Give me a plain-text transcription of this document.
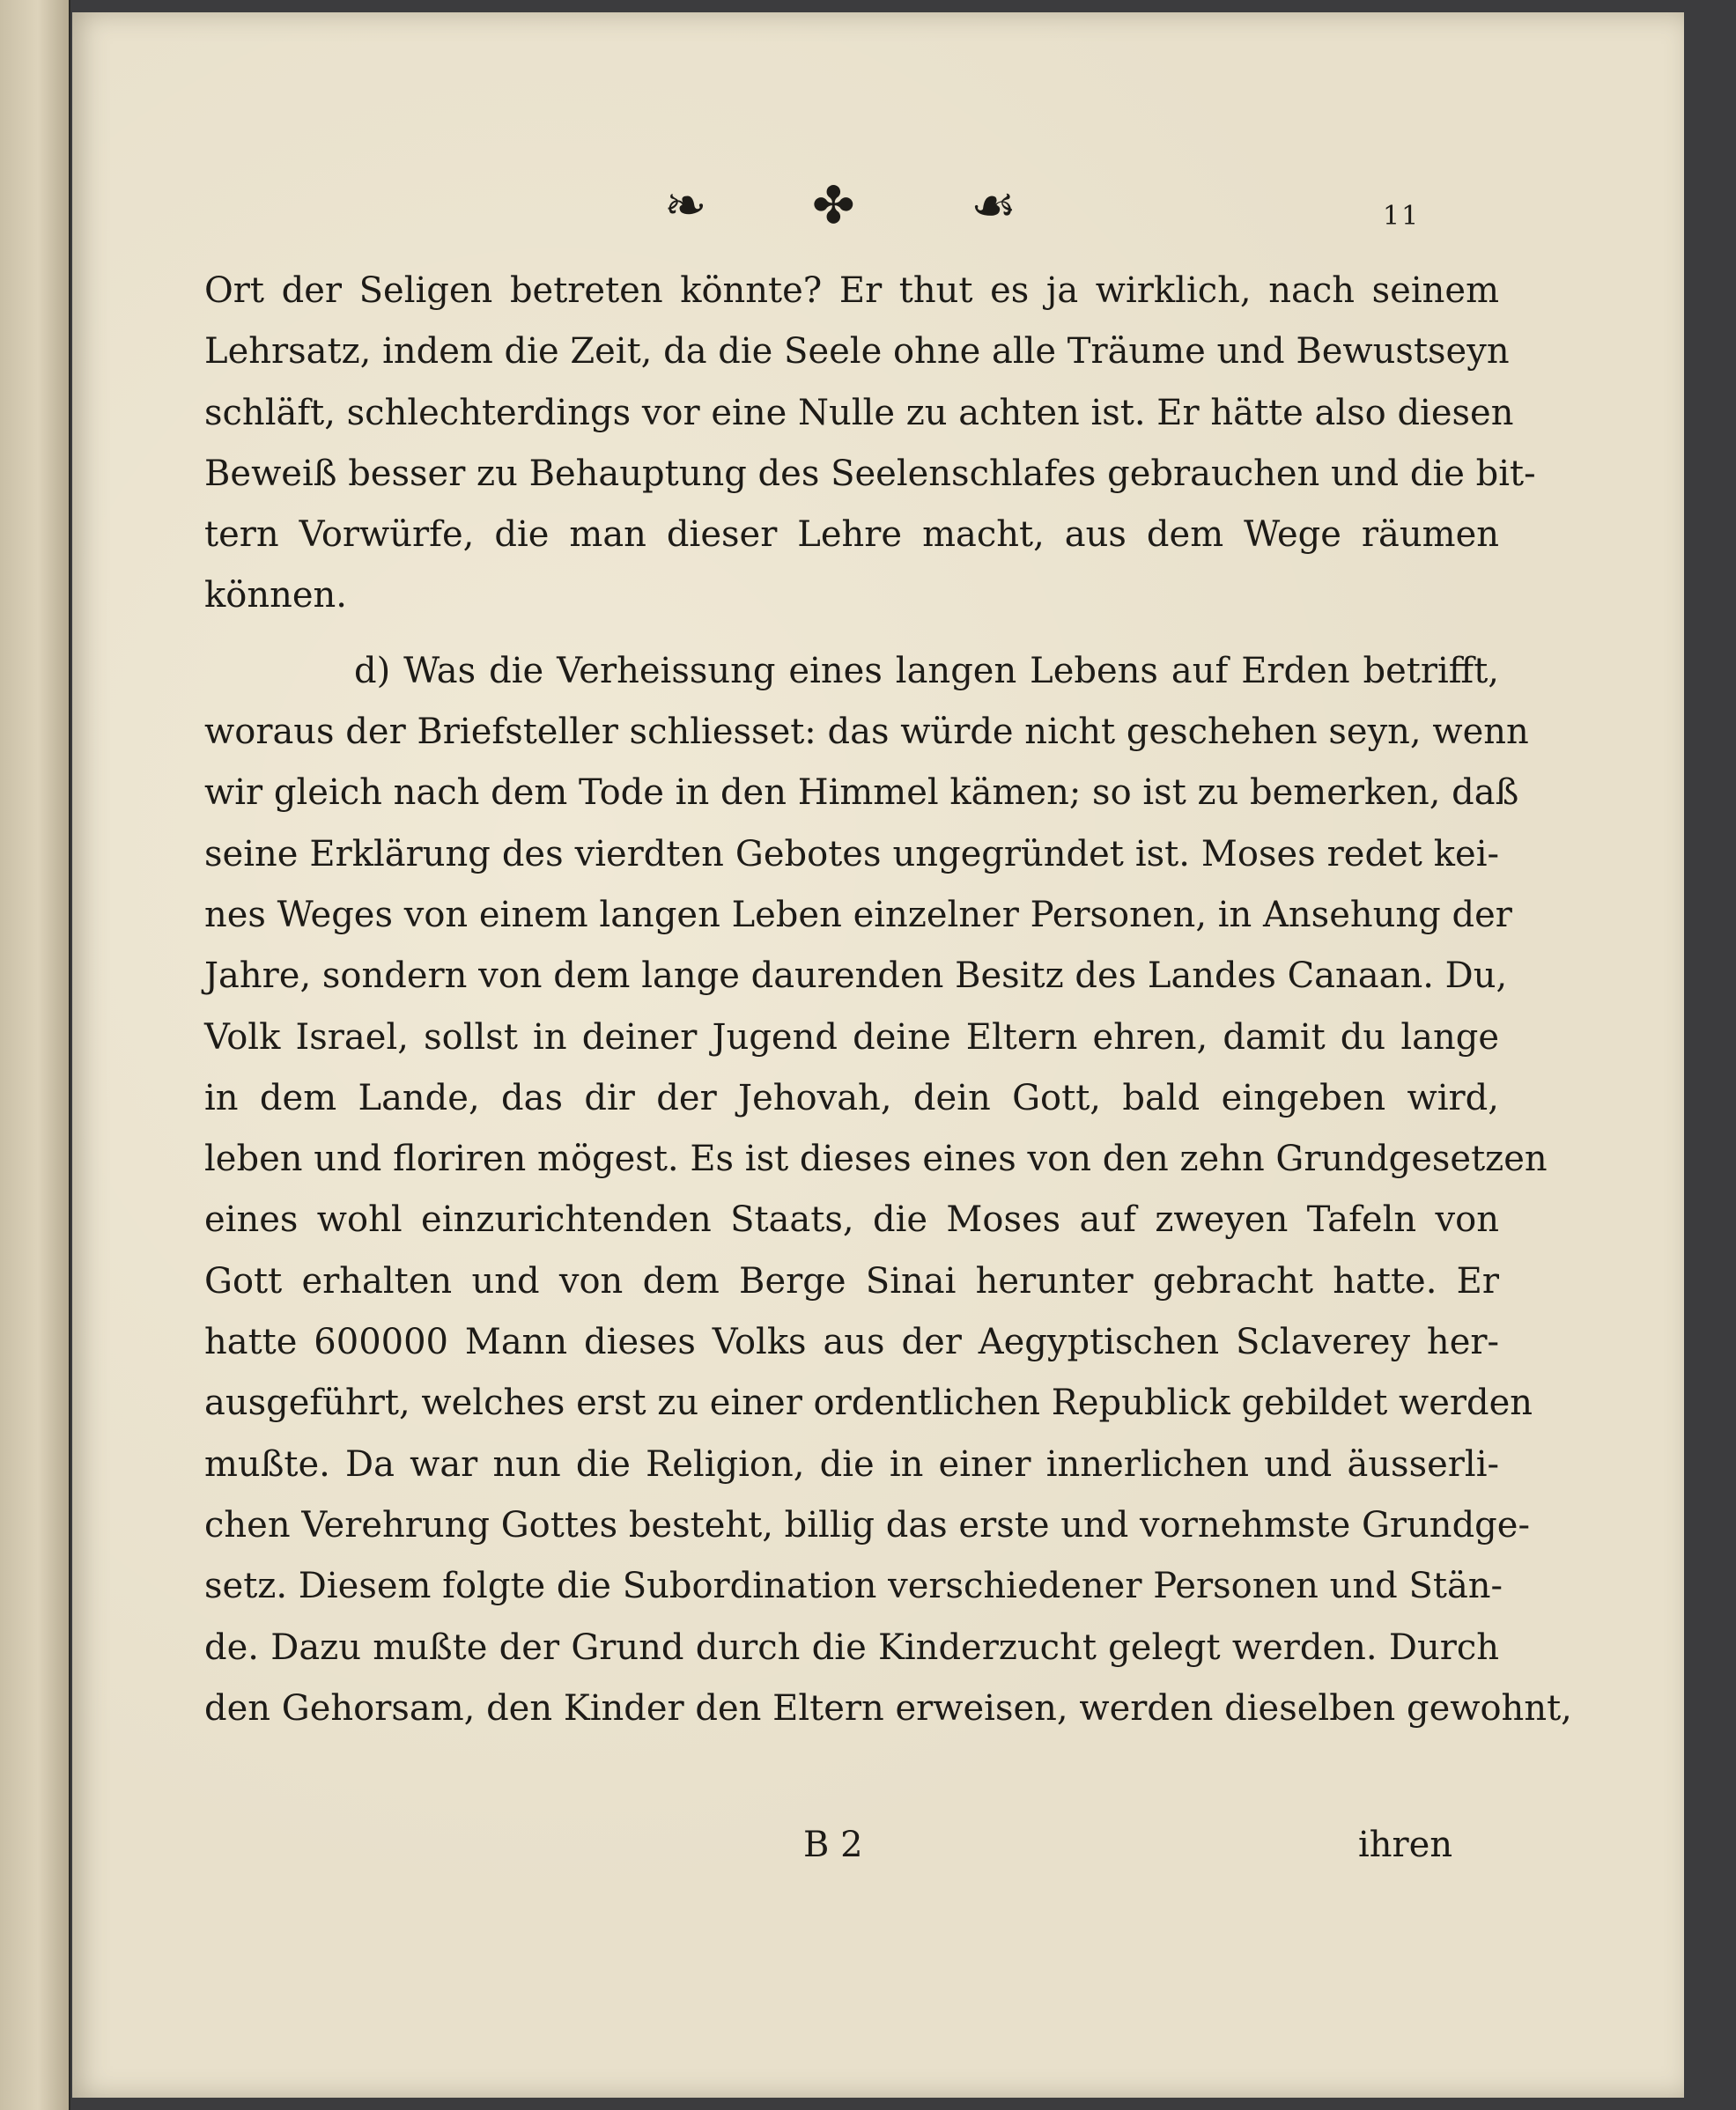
❧ ✤ ☙	11
Ort der Seligen betreten könnte? Er thut es ja wirklich, nach seinem
Lehrsatz, indem die Zeit, da die Seele ohne alle Träume und Bewustseyn
schläft, schlechterdings vor eine Nulle zu achten ist. Er hätte also diesen
Beweiß besser zu Behauptung des Seelenschlafes gebrauchen und die bit-
tern Vorwürfe, die man dieser Lehre macht, aus dem Wege räumen
können.
d) Was die Verheissung eines langen Lebens auf Erden betrifft,
woraus der Briefsteller schliesset: das würde nicht geschehen seyn, wenn
wir gleich nach dem Tode in den Himmel kämen; so ist zu bemerken, daß
seine Erklärung des vierdten Gebotes ungegründet ist. Moses redet kei-
nes Weges von einem langen Leben einzelner Personen, in Ansehung der
Jahre, sondern von dem lange daurenden Besitz des Landes Canaan. Du,
Volk Israel, sollst in deiner Jugend deine Eltern ehren, damit du lange
in dem Lande, das dir der Jehovah, dein Gott, bald eingeben wird,
leben und floriren mögest. Es ist dieses eines von den zehn Grundgesetzen
eines wohl einzurichtenden Staats, die Moses auf zweyen Tafeln von
Gott erhalten und von dem Berge Sinai herunter gebracht hatte. Er
hatte 600000 Mann dieses Volks aus der Aegyptischen Sclaverey her-
ausgeführt, welches erst zu einer ordentlichen Republick gebildet werden
mußte. Da war nun die Religion, die in einer innerlichen und äusserli-
chen Verehrung Gottes besteht, billig das erste und vornehmste Grundge-
setz. Diesem folgte die Subordination verschiedener Personen und Stän-
de. Dazu mußte der Grund durch die Kinderzucht gelegt werden. Durch
den Gehorsam, den Kinder den Eltern erweisen, werden dieselben gewohnt,
B 2	ihren
